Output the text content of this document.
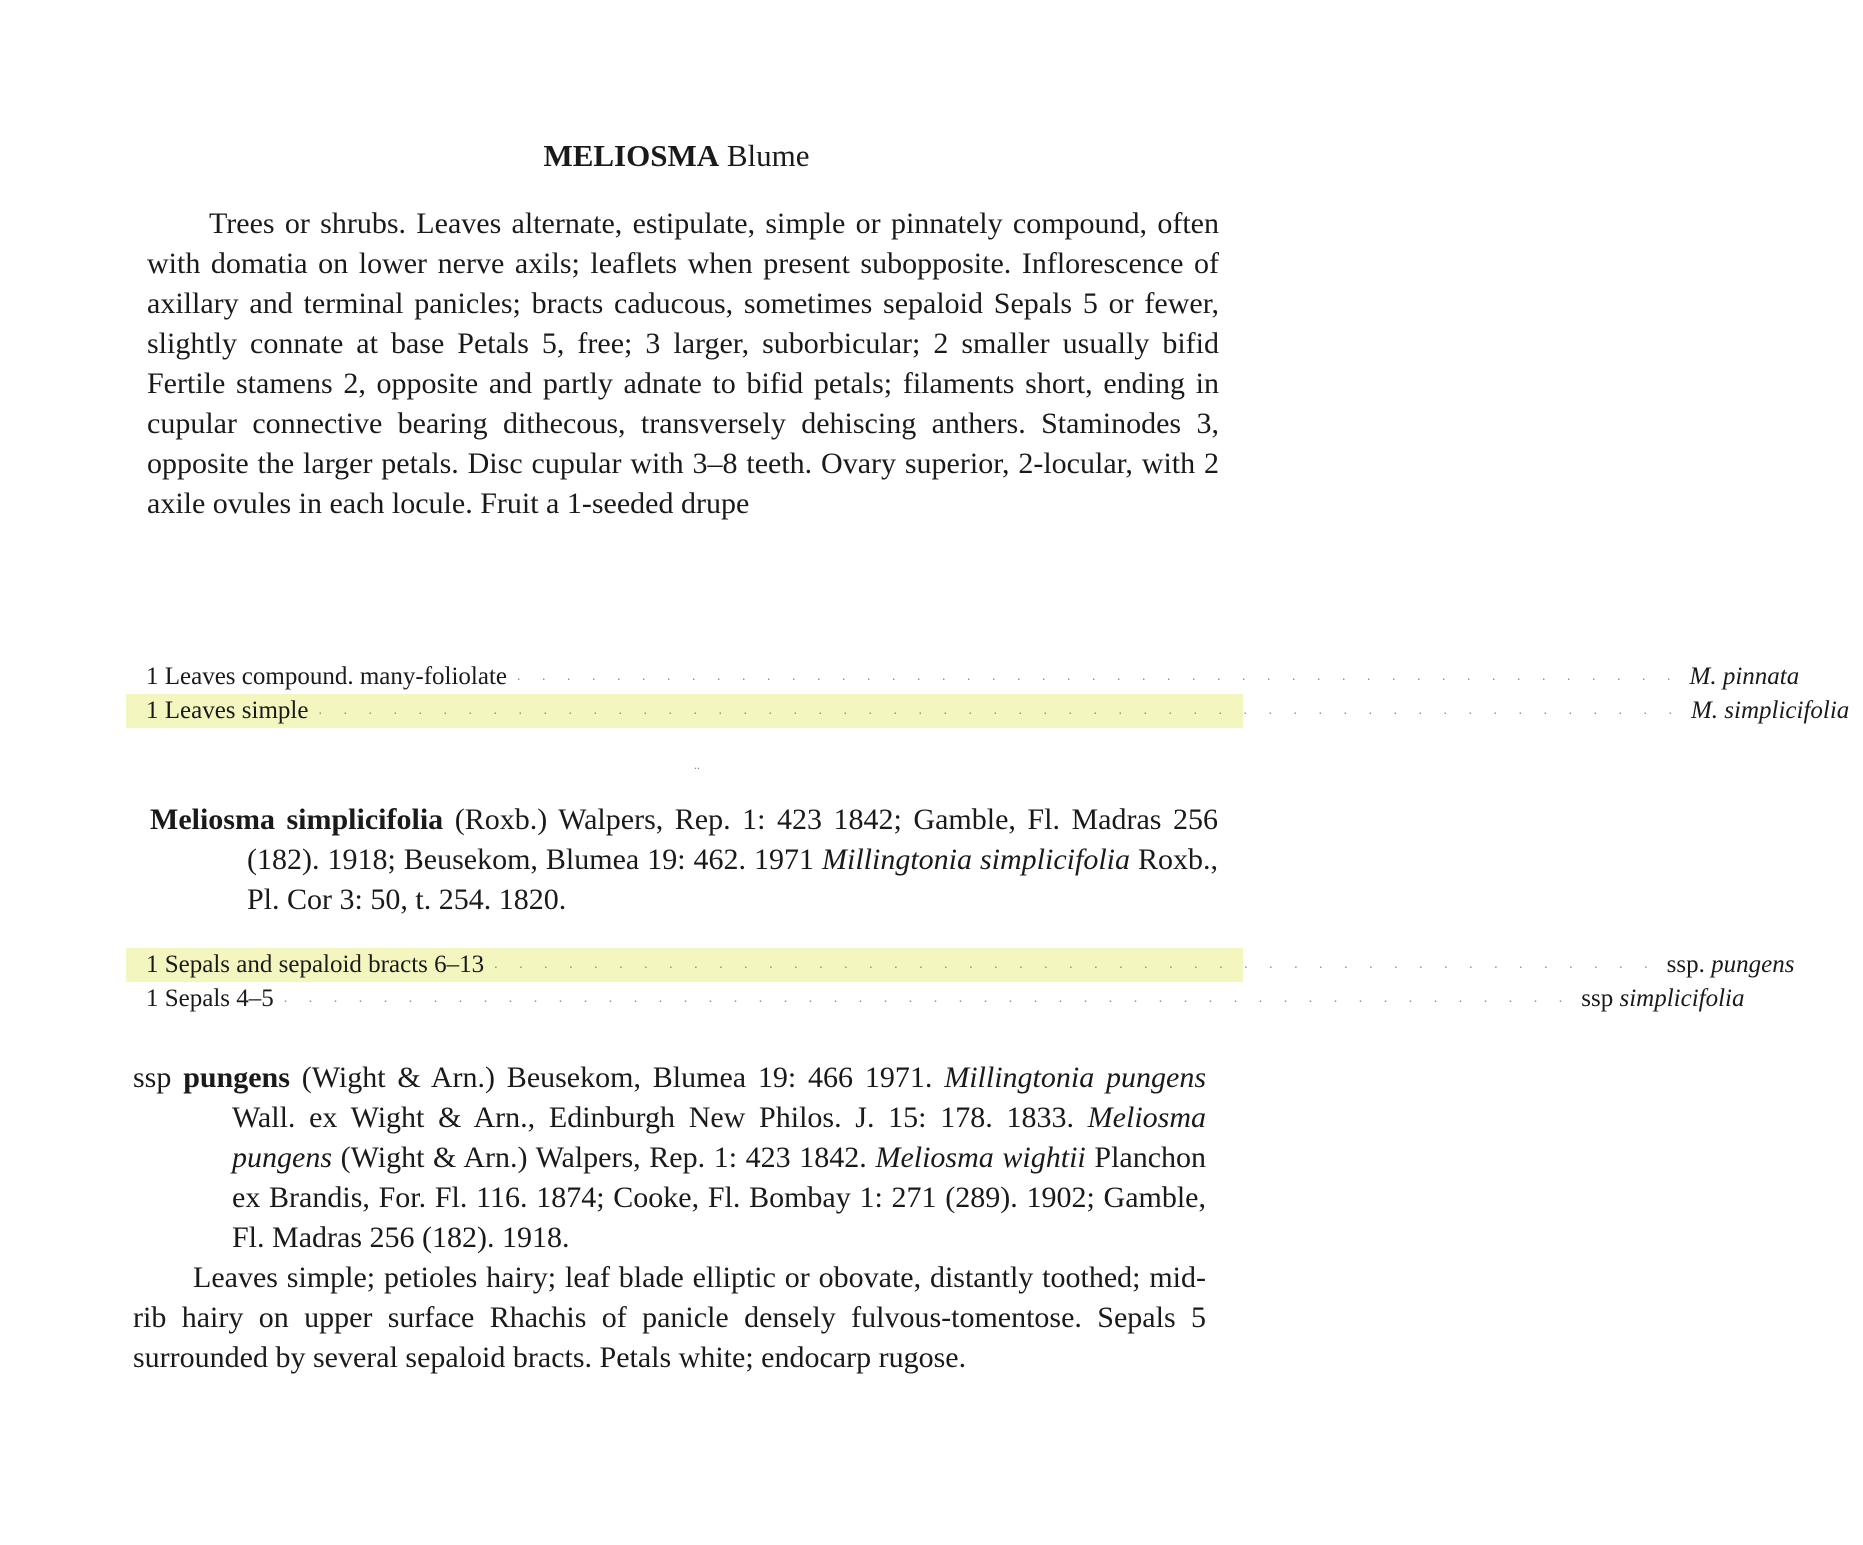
MELIOSMA Blume
Trees or shrubs. Leaves alternate, estipulate, simple or pinnately compound, often with domatia on lower nerve axils; leaflets when present subopposite. Inflorescence of axillary and terminal panicles; bracts caducous, sometimes sepaloid Sepals 5 or fewer, slightly connate at base Petals 5, free; 3 larger, suborbicular; 2 smaller usually bifid Fertile stamens 2, opposite and partly adnate to bifid petals; filaments short, ending in cupular connective bearing dithecous, transversely dehiscing anthers. Staminodes 3, opposite the larger petals. Disc cupular with 3–8 teeth. Ovary superior, 2-locular, with 2 axile ovules in each locule. Fruit a 1-seeded drupe
1 Leaves compound. many-foliolate . . . . . . . . . . . . . . . . . . . . . . . . . . . . . . . . . . . . . . . . . . . . . . . M. pinnata
1 Leaves simple . . . . . . . . . . . . . . . . . . . . . . . . . . . . . . . . . . . . . . . . . . . . . . . . . . . . . . . M. simplicifolia
..
Meliosma simplicifolia (Roxb.) Walpers, Rep. 1: 423 1842; Gamble, Fl. Madras 256 (182). 1918; Beusekom, Blumea 19: 462. 1971 Millingtonia simplicifolia Roxb., Pl. Cor 3: 50, t. 254. 1820.
1 Sepals and sepaloid bracts 6–13 . . . . . . . . . . . . . . . . . . . . . . . . . . . . . . . . . . . . . . . . . . . . . . . ssp. pungens
1 Sepals 4–5 . . . . . . . . . . . . . . . . . . . . . . . . . . . . . . . . . . . . . . . . . . . . . . . . . . . . ssp simplicifolia
ssp pungens (Wight & Arn.) Beusekom, Blumea 19: 466 1971. Millingtonia pungens Wall. ex Wight & Arn., Edinburgh New Philos. J. 15: 178. 1833. Meliosma pungens (Wight & Arn.) Walpers, Rep. 1: 423 1842. Meliosma wightii Planchon ex Brandis, For. Fl. 116. 1874; Cooke, Fl. Bombay 1: 271 (289). 1902; Gamble, Fl. Madras 256 (182). 1918.
Leaves simple; petioles hairy; leaf blade elliptic or obovate, distantly toothed; mid-rib hairy on upper surface Rhachis of panicle densely fulvous-tomentose. Sepals 5 surrounded by several sepaloid bracts. Petals white; endocarp rugose.
